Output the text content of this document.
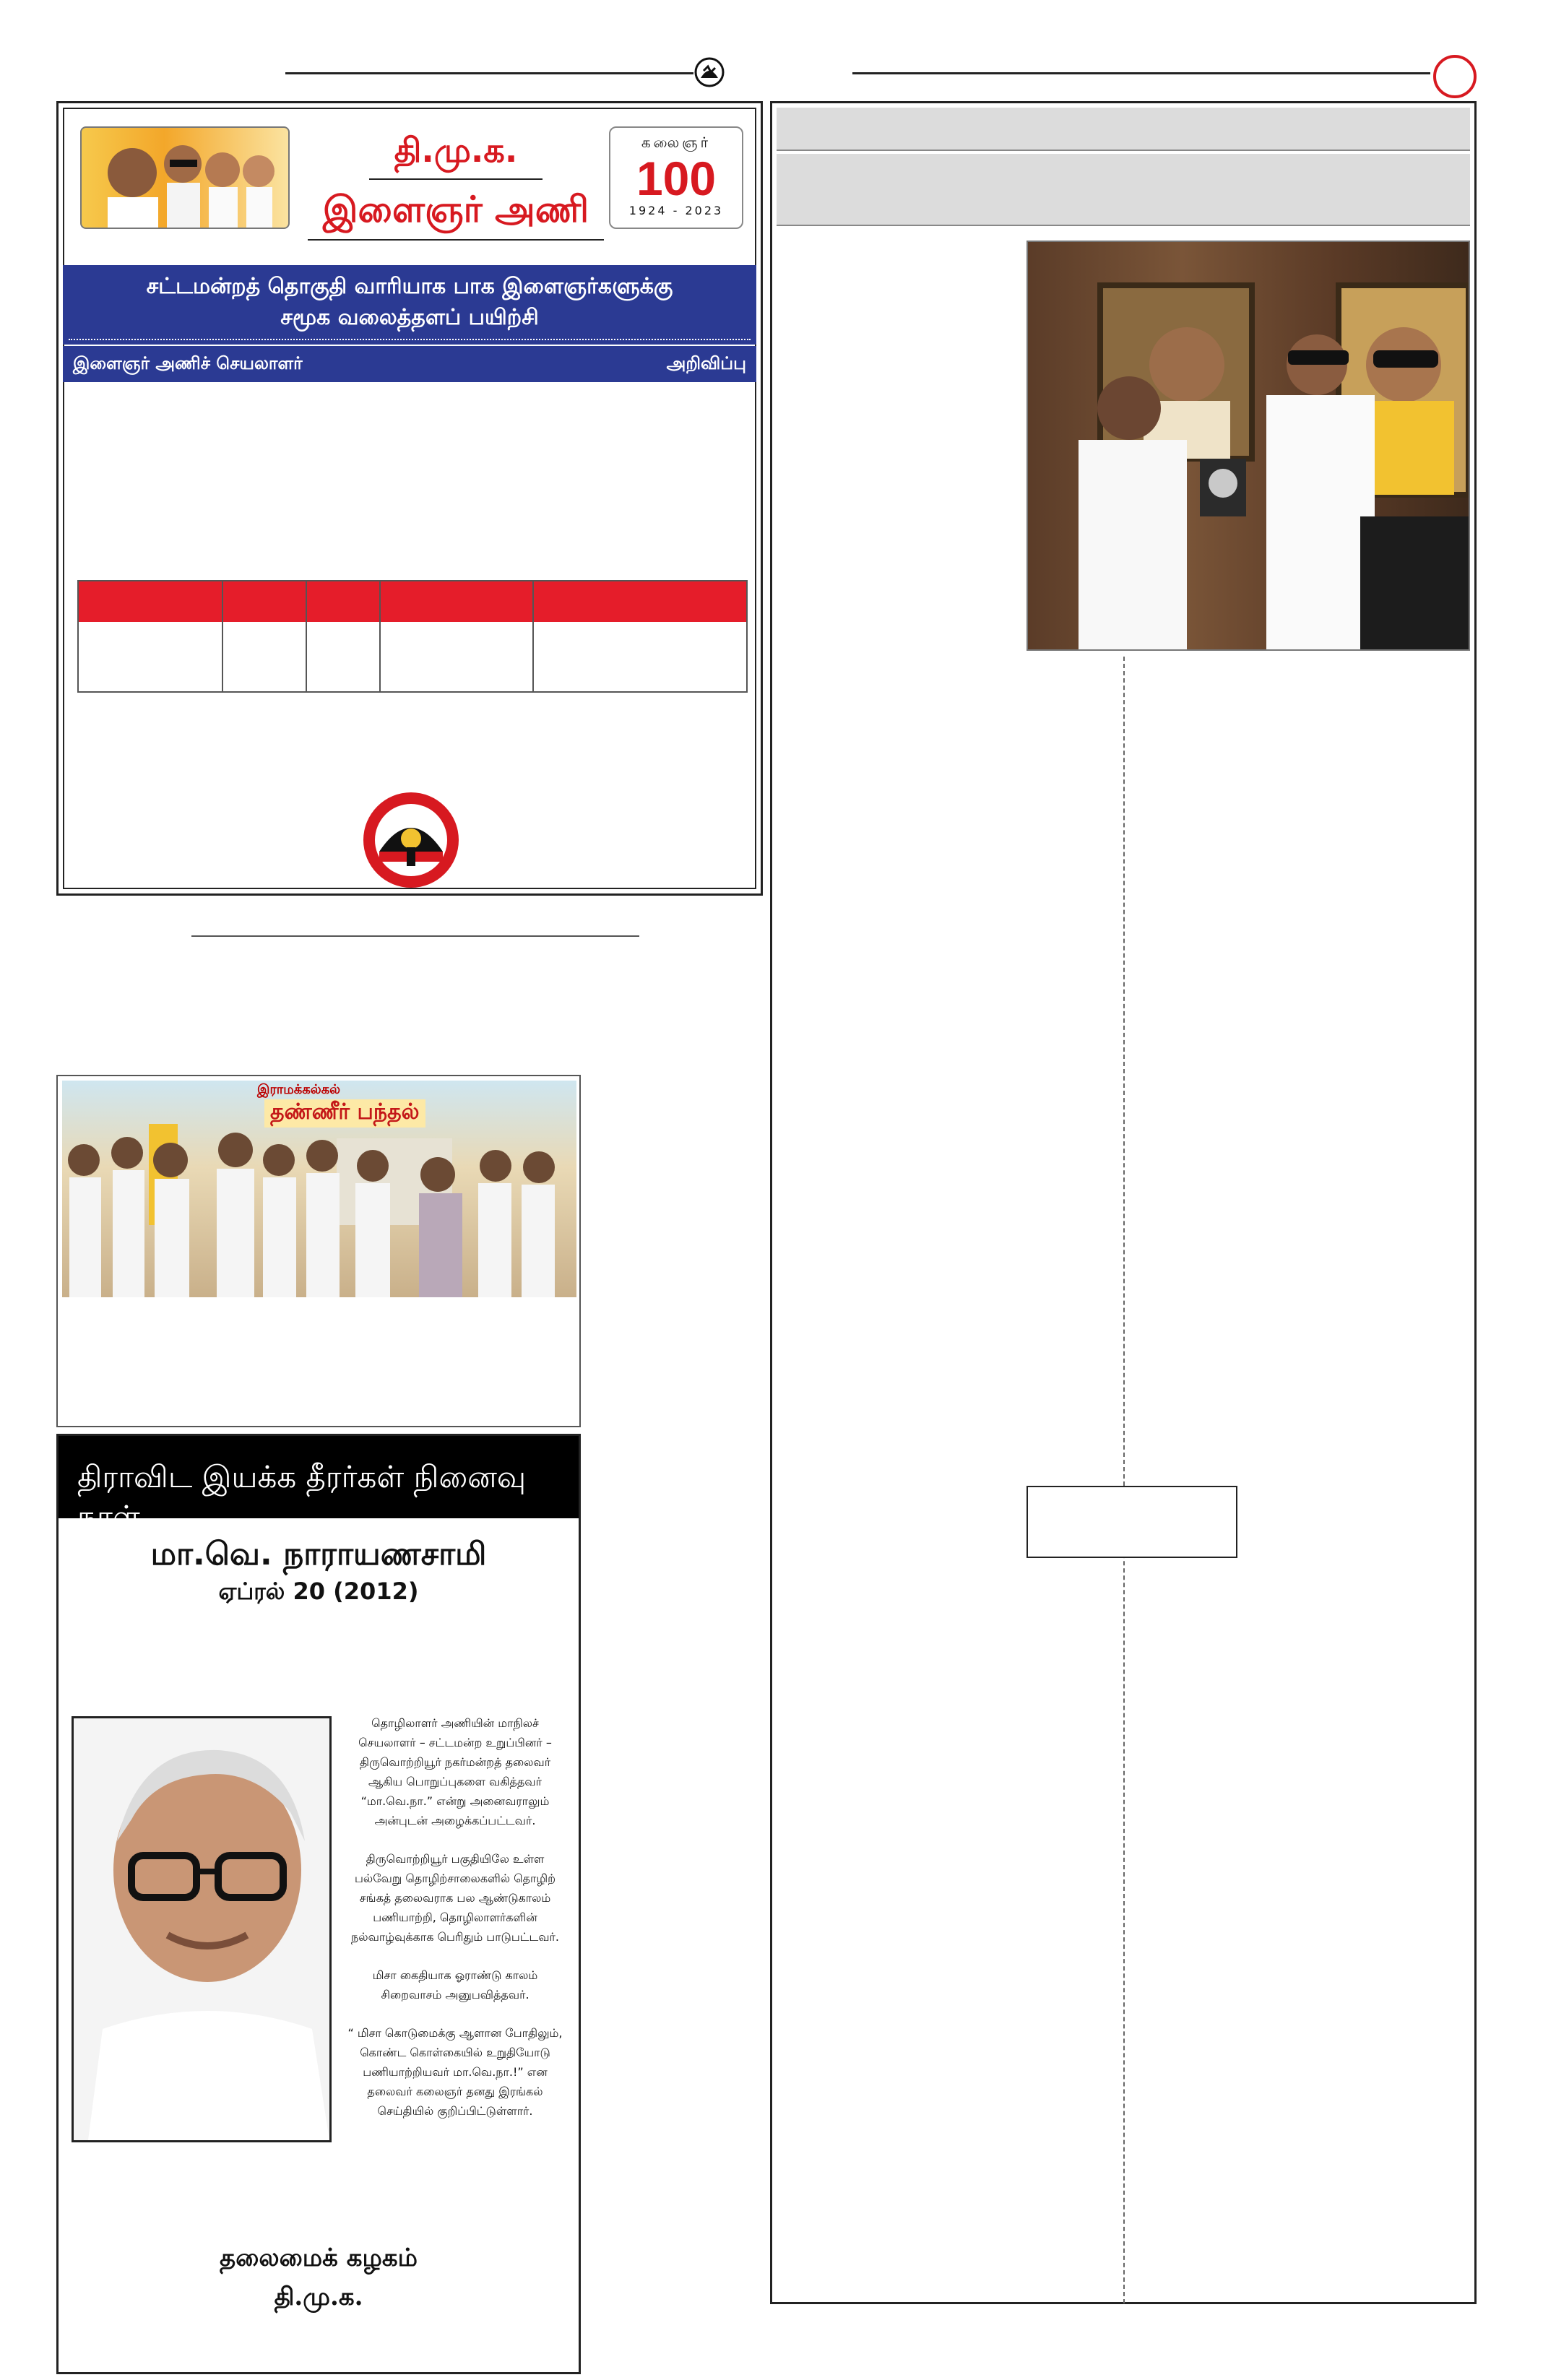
தி.மு.க.
இளைஞர் அணி
கலைஞர்
100
1924 - 2023
சட்டமன்றத் தொகுதி வாரியாக பாக இளைஞர்களுக்கு
சமூக வலைத்தளப் பயிற்சி
இளைஞர் அணிச் செயலாளர்	அறிவிப்பு
இராமக்கல்கல்
தண்ணீர் பந்தல்
திராவிட இயக்க தீரர்கள் நினைவு நாள்
மா.வெ. நாராயணசாமி
ஏப்ரல் 20 (2012)

தொழிலாளர் அணியின் மாநிலச் செயலாளர் – சட்டமன்ற உறுப்பினர் – திருவொற்றியூர் நகர்மன்றத் தலைவர் ஆகிய பொறுப்புகளை வகித்தவர் “மா.வெ.நா.” என்று அனைவராலும் அன்புடன் அழைக்கப்பட்டவர்.

திருவொற்றியூர் பகுதியிலே உள்ள பல்வேறு தொழிற்சாலைகளில் தொழிற் சங்கத் தலைவராக பல ஆண்டுகாலம் பணியாற்றி, தொழிலாளர்களின் நல்வாழ்வுக்காக பெரிதும் பாடுபட்டவர்.

மிசா கைதியாக ஓராண்டு காலம் சிறைவாசம் அனுபவித்தவர்.

“ மிசா கொடுமைக்கு ஆளான போதிலும், கொண்ட கொள்கையில் உறுதியோடு பணியாற்றியவர் மா.வெ.நா.!” என தலைவர் கலைஞர் தனது இரங்கல் செய்தியில் குறிப்பிட்டுள்ளார்.

தலைமைக் கழகம்
தி.மு.க.
